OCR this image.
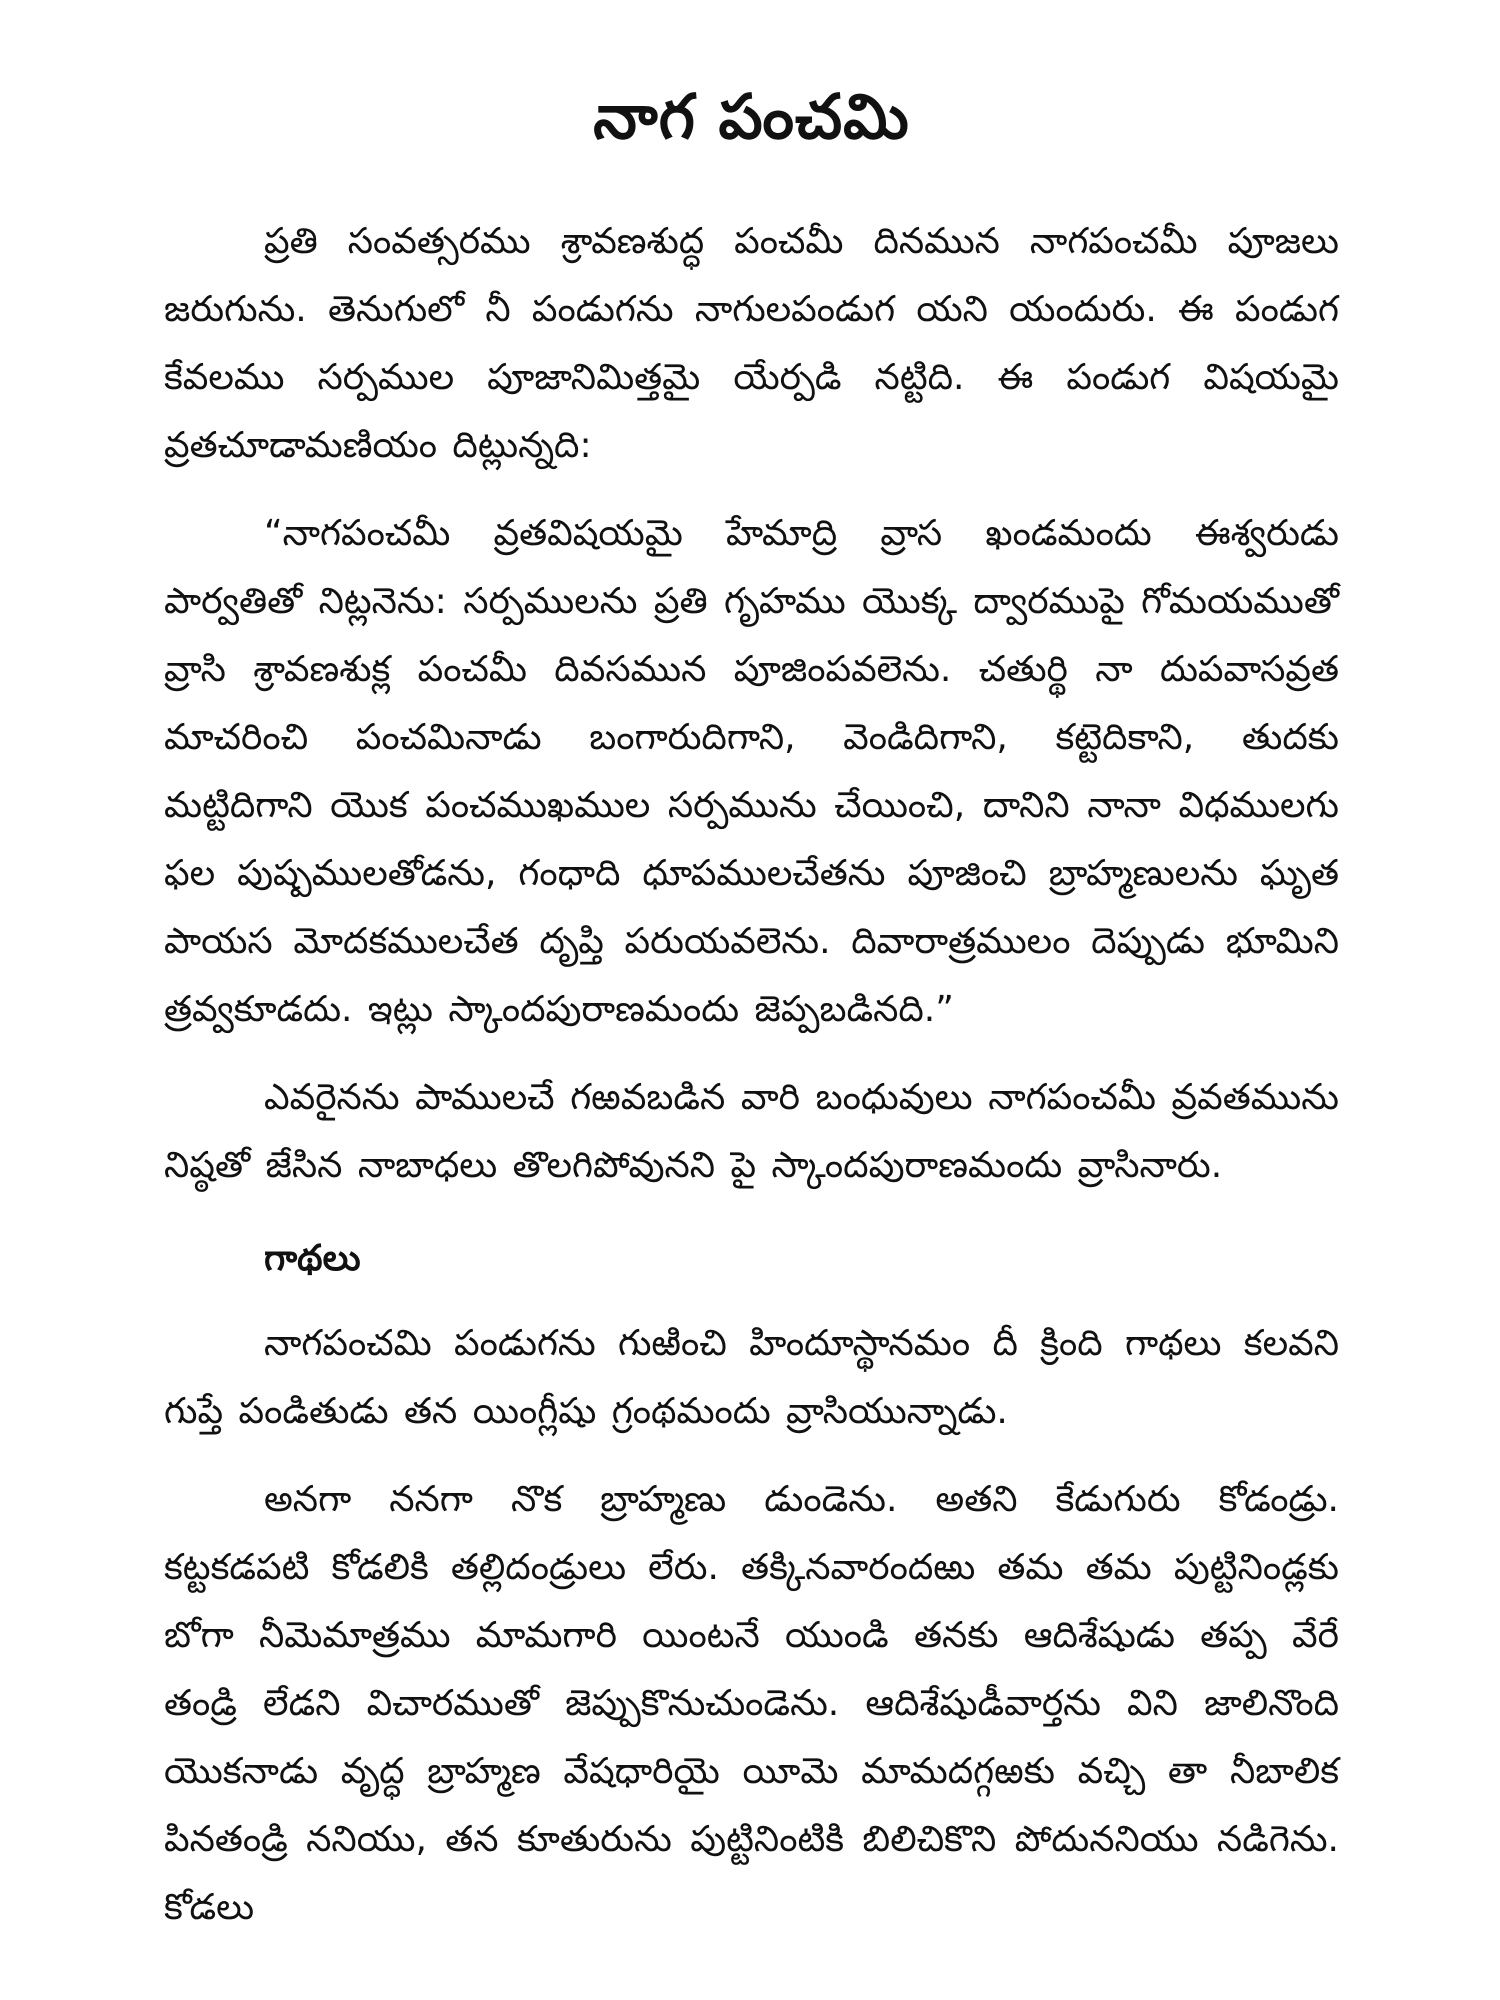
నాగ పంచమి

ప్రతి సంవత్సరము శ్రావణశుద్ధ పంచమీ దినమున నాగపంచమీ పూజలు జరుగును. తెనుగులో నీ పండుగను నాగులపండుగ యని యందురు. ఈ పండుగ కేవలము సర్పముల పూజానిమిత్తమై యేర్పడి నట్టిది. ఈ పండుగ విషయమై వ్రతచూడామణియం దిట్లున్నది:

“నాగపంచమీ వ్రతవిషయమై హేమాద్రి వ్రాస ఖండమందు ఈశ్వరుడు పార్వతితో నిట్లనెను: సర్పములను ప్రతి గృహము యొక్క ద్వారముపై గోమయముతో వ్రాసి శ్రావణశుక్ల పంచమీ దివసమున పూజింపవలెను. చతుర్థి నా దుపవాసవ్రత మాచరించి పంచమినాడు బంగారుదిగాని, వెండిదిగాని, కట్టెదికాని, తుదకు మట్టిదిగాని యొక పంచముఖముల సర్పమును చేయించి, దానిని నానా విధములగు ఫల పుష్పములతోడను, గంధాది ధూపములచేతను పూజించి బ్రాహ్మణులను ఘృత పాయస మోదకములచేత దృప్తి పరుయవలెను. దివారాత్రములం దెప్పుడు భూమిని త్రవ్వకూడదు. ఇట్లు స్కాందపురాణమందు జెప్పబడినది.”

ఎవరైనను పాములచే గఱవబడిన వారి బంధువులు నాగపంచమీ వ్రవతమును నిష్ఠతో జేసిన నాబాధలు తొలగిపోవునని పై స్కాందపురాణమందు వ్రాసినారు.

గాథలు

నాగపంచమి పండుగను గుఱించి హిందూస్థానమం దీ క్రింది గాథలు కలవని గుప్తే పండితుడు తన యింగ్లీషు గ్రంథమందు వ్రాసియున్నాడు.

అనగా ననగా నొక బ్రాహ్మణు డుండెను. అతని కేడుగురు కోడండ్రు. కట్టకడపటి కోడలికి తల్లిదండ్రులు లేరు. తక్కినవారందఱు తమ తమ పుట్టినిండ్లకు బోగా నీమెమాత్రము మామగారి యింటనే యుండి తనకు ఆదిశేషుడు తప్ప వేరే తండ్రి లేడని విచారముతో జెప్పుకొనుచుండెను. ఆదిశేషుడీవార్తను విని జాలినొంది యొకనాడు వృద్ధ బ్రాహ్మణ వేషధారియై యీమె మామదగ్గఱకు వచ్చి తా నీబాలిక పినతండ్రి ననియు, తన కూతురును పుట్టినింటికి బిలిచికొని పోదుననియు నడిగెను. కోడలు
